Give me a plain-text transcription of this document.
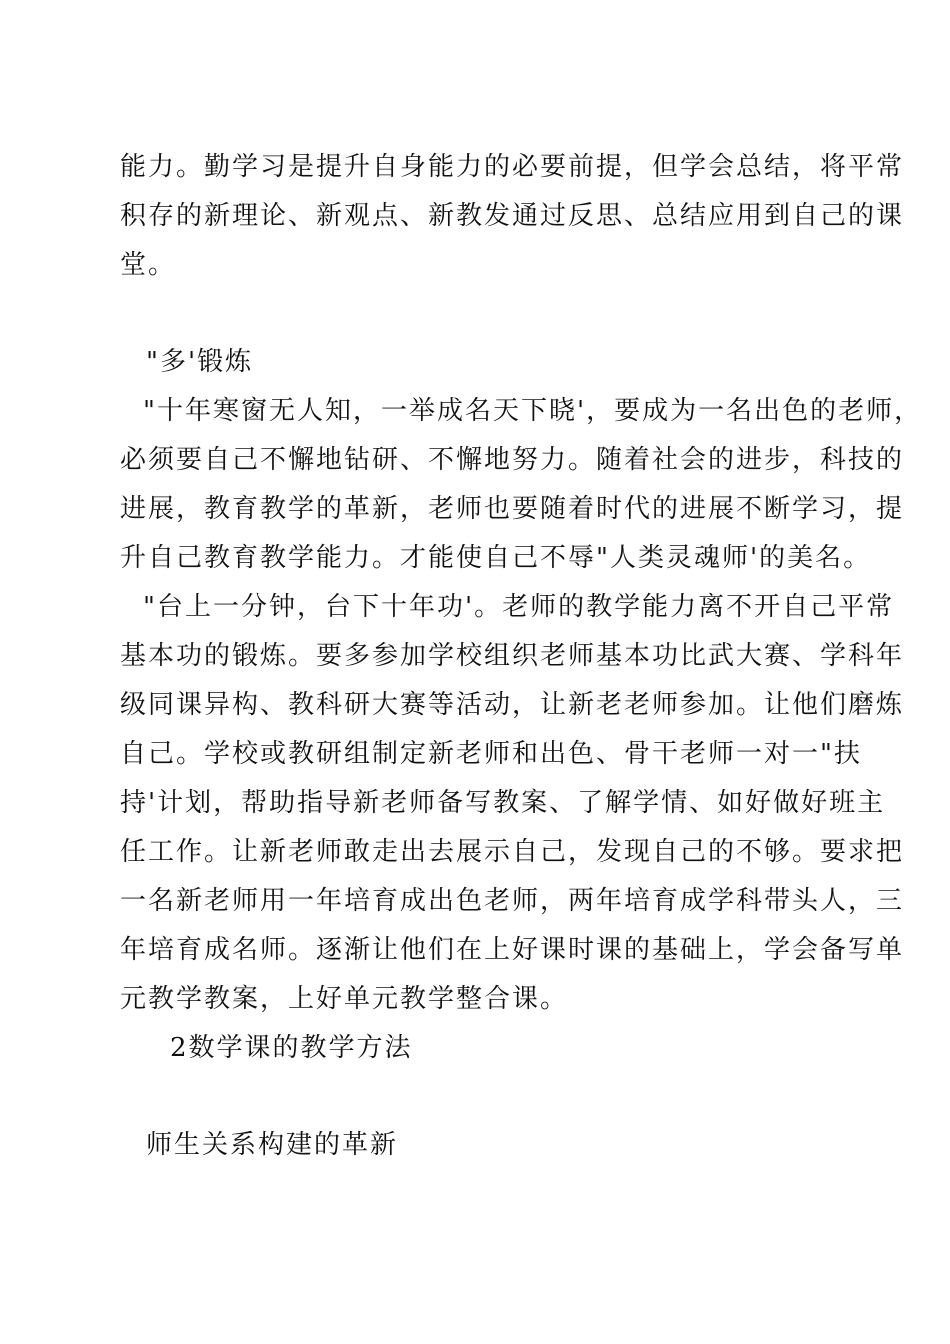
能力。勤学习是提升自身能力的必要前提，但学会总结，将平常
积存的新理论、新观点、新教发通过反思、总结应用到自己的课
堂。
"多'锻炼
"十年寒窗无人知，一举成名天下晓'，要成为一名出色的老师，
必须要自己不懈地钻研、不懈地努力。随着社会的进步，科技的
进展，教育教学的革新，老师也要随着时代的进展不断学习，提
升自己教育教学能力。才能使自己不辱"人类灵魂师'的美名。
"台上一分钟，台下十年功'。老师的教学能力离不开自己平常
基本功的锻炼。要多参加学校组织老师基本功比武大赛、学科年
级同课异构、教科研大赛等活动，让新老老师参加。让他们磨炼
自己。学校或教研组制定新老师和出色、骨干老师一对一"扶
持'计划，帮助指导新老师备写教案、了解学情、如好做好班主
任工作。让新老师敢走出去展示自己，发现自己的不够。要求把
一名新老师用一年培育成出色老师，两年培育成学科带头人，三
年培育成名师。逐渐让他们在上好课时课的基础上，学会备写单
元教学教案，上好单元教学整合课。
2数学课的教学方法
师生关系构建的革新
